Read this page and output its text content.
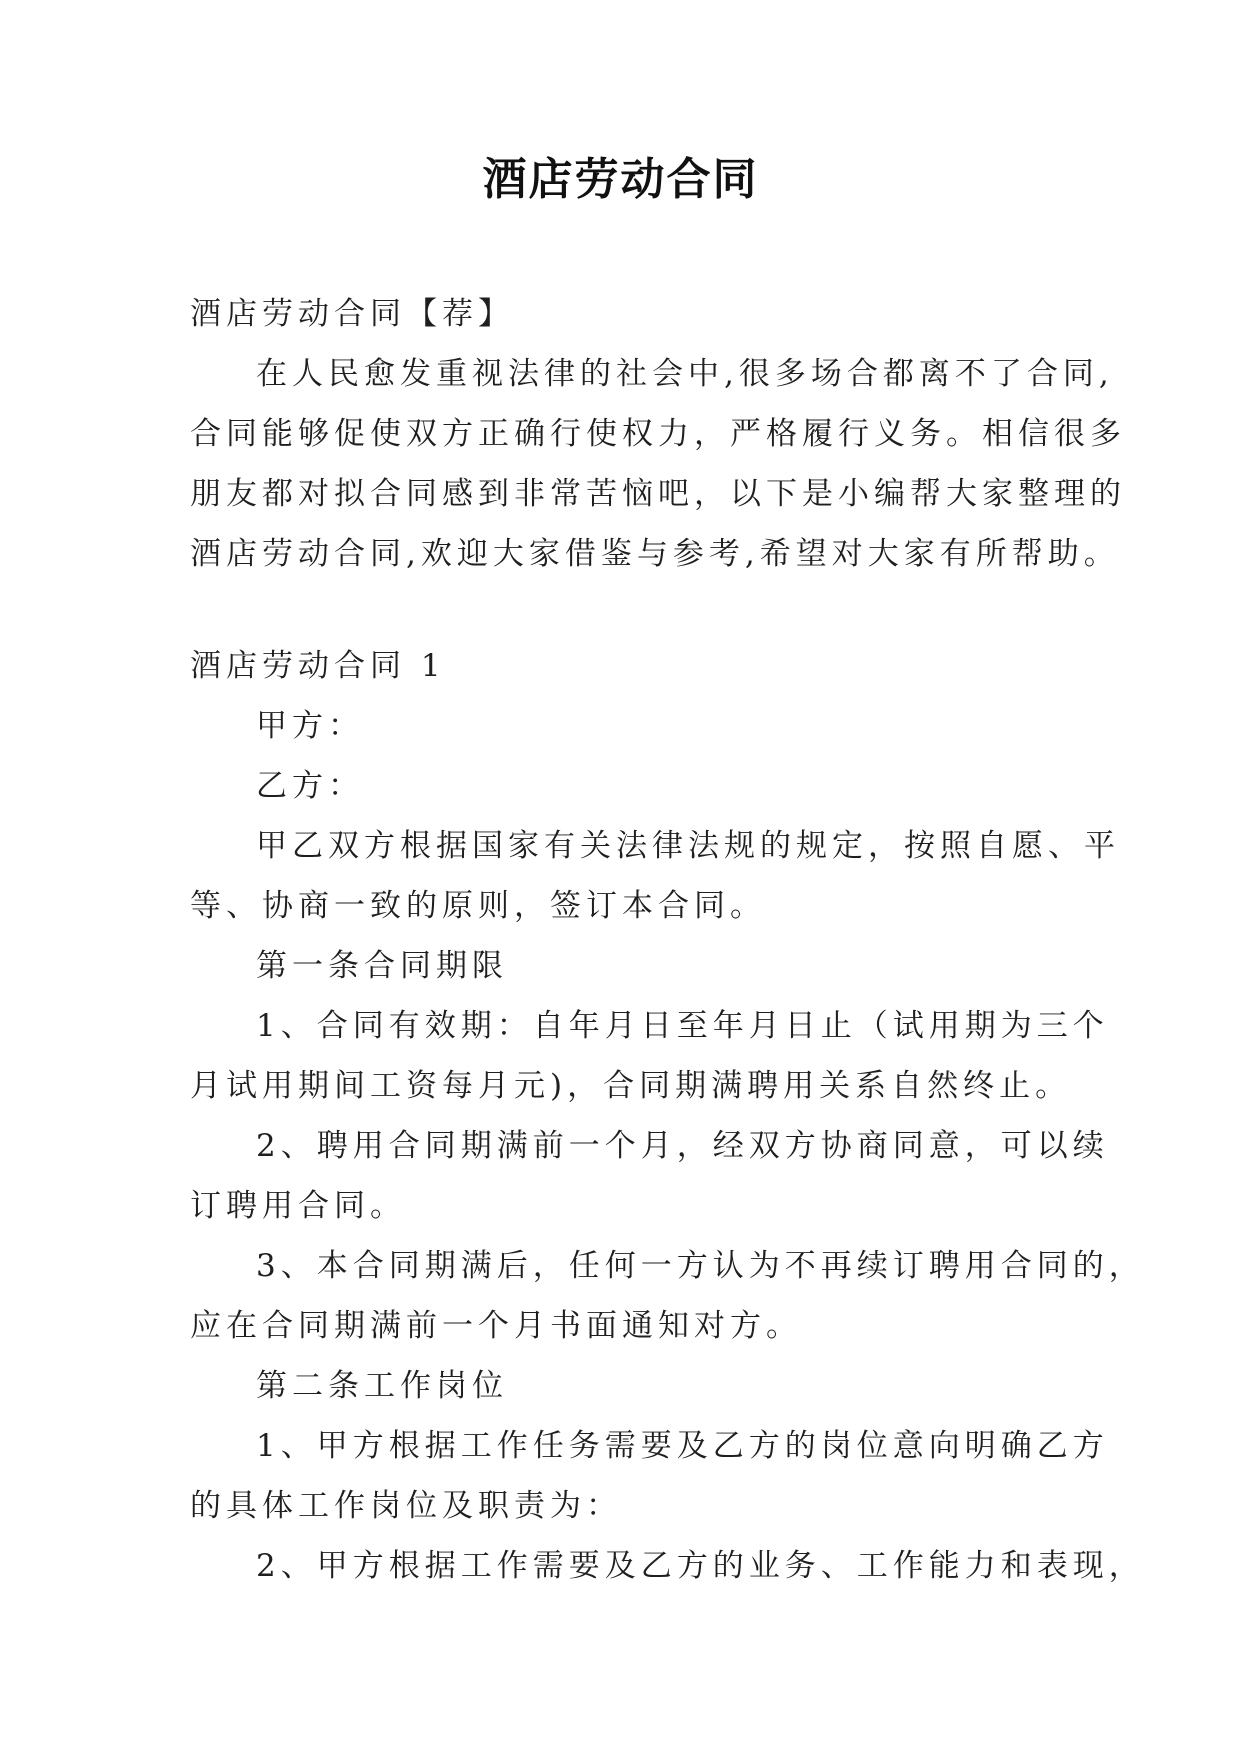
酒店劳动合同
酒店劳动合同【荐】
在人民愈发重视法律的社会中,很多场合都离不了合同,
合同能够促使双方正确行使权力，严格履行义务。相信很多
朋友都对拟合同感到非常苦恼吧，以下是小编帮大家整理的
酒店劳动合同,欢迎大家借鉴与参考,希望对大家有所帮助。
酒店劳动合同 1
甲方：
乙方：
甲乙双方根据国家有关法律法规的规定，按照自愿、平
等、协商一致的原则，签订本合同。
第一条合同期限
1、合同有效期：自年月日至年月日止（试用期为三个
月试用期间工资每月元)，合同期满聘用关系自然终止。
2、聘用合同期满前一个月，经双方协商同意，可以续
订聘用合同。
3、本合同期满后，任何一方认为不再续订聘用合同的，
应在合同期满前一个月书面通知对方。
第二条工作岗位
1、甲方根据工作任务需要及乙方的岗位意向明确乙方
的具体工作岗位及职责为：
2、甲方根据工作需要及乙方的业务、工作能力和表现，
